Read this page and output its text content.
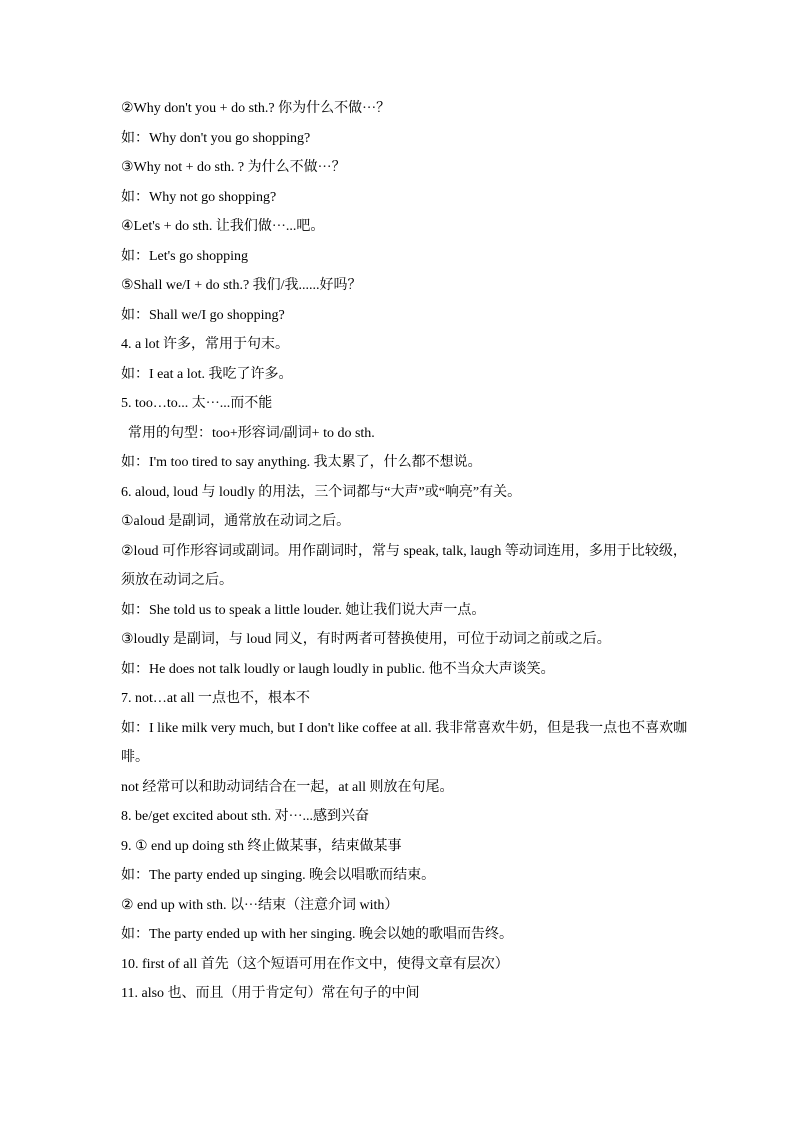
②Why don't you + do sth.? 你为什么不做···？

如：Why don't you go shopping?

③Why not + do sth. ? 为什么不做···？

如：Why not go shopping?

④Let's + do sth. 让我们做···...吧。

如：Let's go shopping

⑤Shall we/I + do sth.? 我们/我......好吗？

如：Shall we/I go shopping?

4. a lot 许多，常用于句末。

如：I eat a lot. 我吃了许多。

5. too…to... 太···...而不能

常用的句型：too+形容词/副词+ to do sth.

如：I'm too tired to say anything. 我太累了，什么都不想说。

6. aloud, loud 与 loudly 的用法，三个词都与“大声”或“响亮”有关。

①aloud 是副词，通常放在动词之后。

②loud 可作形容词或副词。用作副词时，常与 speak, talk, laugh 等动词连用，多用于比较级，须放在动词之后。

如：She told us to speak a little louder. 她让我们说大声一点。

③loudly 是副词，与 loud 同义，有时两者可替换使用，可位于动词之前或之后。

如：He does not talk loudly or laugh loudly in public. 他不当众大声谈笑。

7. not…at all 一点也不，根本不

如：I like milk very much, but I don't like coffee at all. 我非常喜欢牛奶，但是我一点也不喜欢咖啡。

not 经常可以和助动词结合在一起，at all 则放在句尾。

8. be/get excited about sth. 对···...感到兴奋

9. ① end up doing sth 终止做某事，结束做某事

如：The party ended up singing. 晚会以唱歌而结束。

② end up with sth. 以···结束（注意介词 with）

如：The party ended up with her singing. 晚会以她的歌唱而告终。

10. first of all 首先（这个短语可用在作文中，使得文章有层次）

11. also 也、而且（用于肯定句）常在句子的中间
